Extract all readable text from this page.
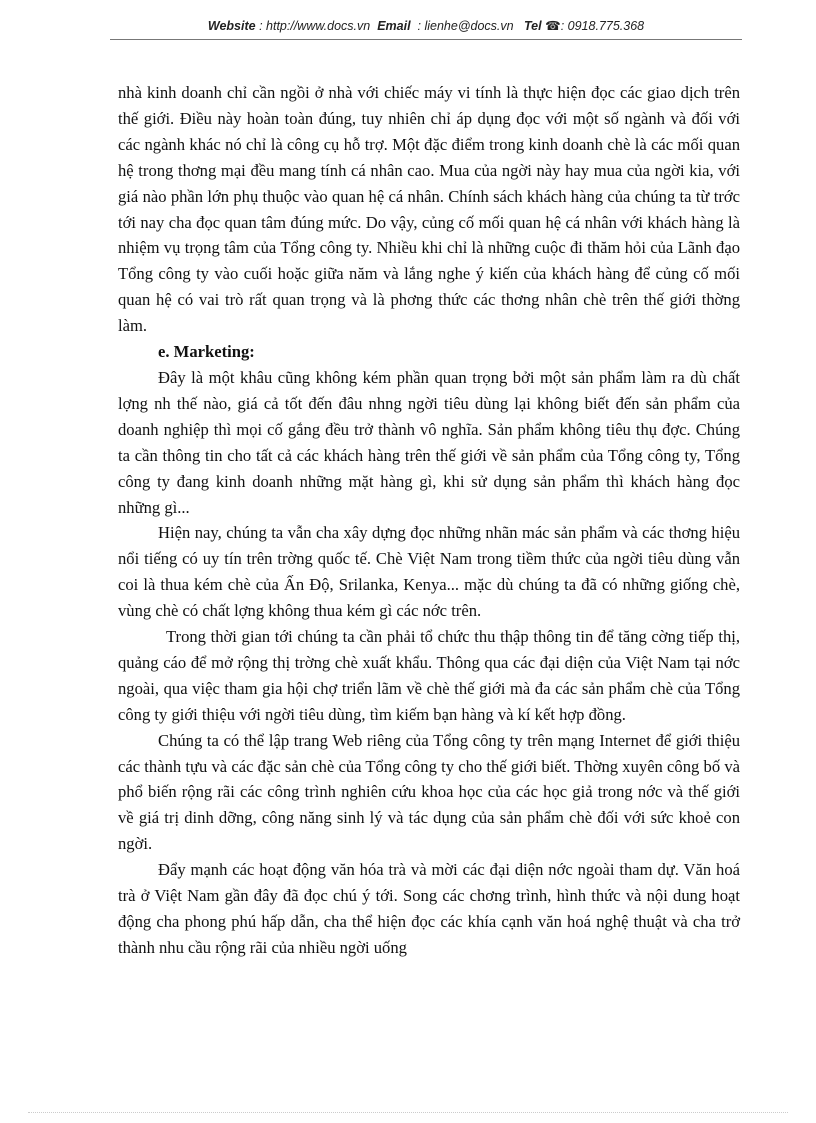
Website : http://www.docs.vn Email : lienhe@docs.vn Tel ☎: 0918.775.368

nhà kinh doanh chỉ cần ngồi ở nhà với chiếc máy vi tính là thực hiện đọc các giao dịch trên thế giới. Điều này hoàn toàn đúng, tuy nhiên chỉ áp dụng đọc với một số ngành và đối với các ngành khác nó chỉ là công cụ hỗ trợ. Một đặc điểm trong kinh doanh chè là các mối quan hệ trong thơng mại đều mang tính cá nhân cao. Mua của ngời này hay mua của ngời kia, với giá nào phần lớn phụ thuộc vào quan hệ cá nhân. Chính sách khách hàng của chúng ta từ trớc tới nay cha đọc quan tâm đúng mức. Do vậy, củng cố mối quan hệ cá nhân với khách hàng là nhiệm vụ trọng tâm của Tổng công ty. Nhiều khi chỉ là những cuộc đi thăm hỏi của Lãnh đạo Tổng công ty vào cuối hoặc giữa năm và lắng nghe ý kiến của khách hàng để củng cố mối quan hệ có vai trò rất quan trọng và là phơng thức các thơng nhân chè trên thế giới thờng làm.

e. Marketing:

Đây là một khâu cũng không kém phần quan trọng bởi một sản phẩm làm ra dù chất lợng nh thế nào, giá cả tốt đến đâu nhng ngời tiêu dùng lại không biết đến sản phẩm của doanh nghiệp thì mọi cố gắng đều trở thành vô nghĩa. Sản phẩm không tiêu thụ đợc. Chúng ta cần thông tin cho tất cả các khách hàng trên thế giới về sản phẩm của Tổng công ty, Tổng công ty đang kinh doanh những mặt hàng gì, khi sử dụng sản phẩm thì khách hàng đọc những gì...

Hiện nay, chúng ta vẫn cha xây dựng đọc những nhãn mác sản phẩm và các thơng hiệu nổi tiếng có uy tín trên trờng quốc tế. Chè Việt Nam trong tiềm thức của ngời tiêu dùng vẫn coi là thua kém chè của Ấn Độ, Srilanka, Kenya... mặc dù chúng ta đã có những giống chè, vùng chè có chất lợng không thua kém gì các nớc trên.

Trong thời gian tới chúng ta cần phải tổ chức thu thập thông tin để tăng cờng tiếp thị, quảng cáo để mở rộng thị trờng chè xuất khẩu. Thông qua các đại diện của Việt Nam tại nớc ngoài, qua việc tham gia hội chợ triển lãm về chè thế giới mà đa các sản phẩm chè của Tổng công ty giới thiệu với ngời tiêu dùng, tìm kiếm bạn hàng và kí kết hợp đồng.

Chúng ta có thể lập trang Web riêng của Tổng công ty trên mạng Internet để giới thiệu các thành tựu và các đặc sản chè của Tổng công ty cho thế giới biết. Thờng xuyên công bố và phổ biến rộng rãi các công trình nghiên cứu khoa học của các học giả trong nớc và thế giới về giá trị dinh dỡng, công năng sinh lý và tác dụng của sản phẩm chè đối với sức khoẻ con ngời.

Đẩy mạnh các hoạt động văn hóa trà và mời các đại diện nớc ngoài tham dự. Văn hoá trà ở Việt Nam gần đây đã đọc chú ý tới. Song các chơng trình, hình thức và nội dung hoạt động cha phong phú hấp dẫn, cha thể hiện đọc các khía cạnh văn hoá nghệ thuật và cha trở thành nhu cầu rộng rãi của nhiều ngời uống
